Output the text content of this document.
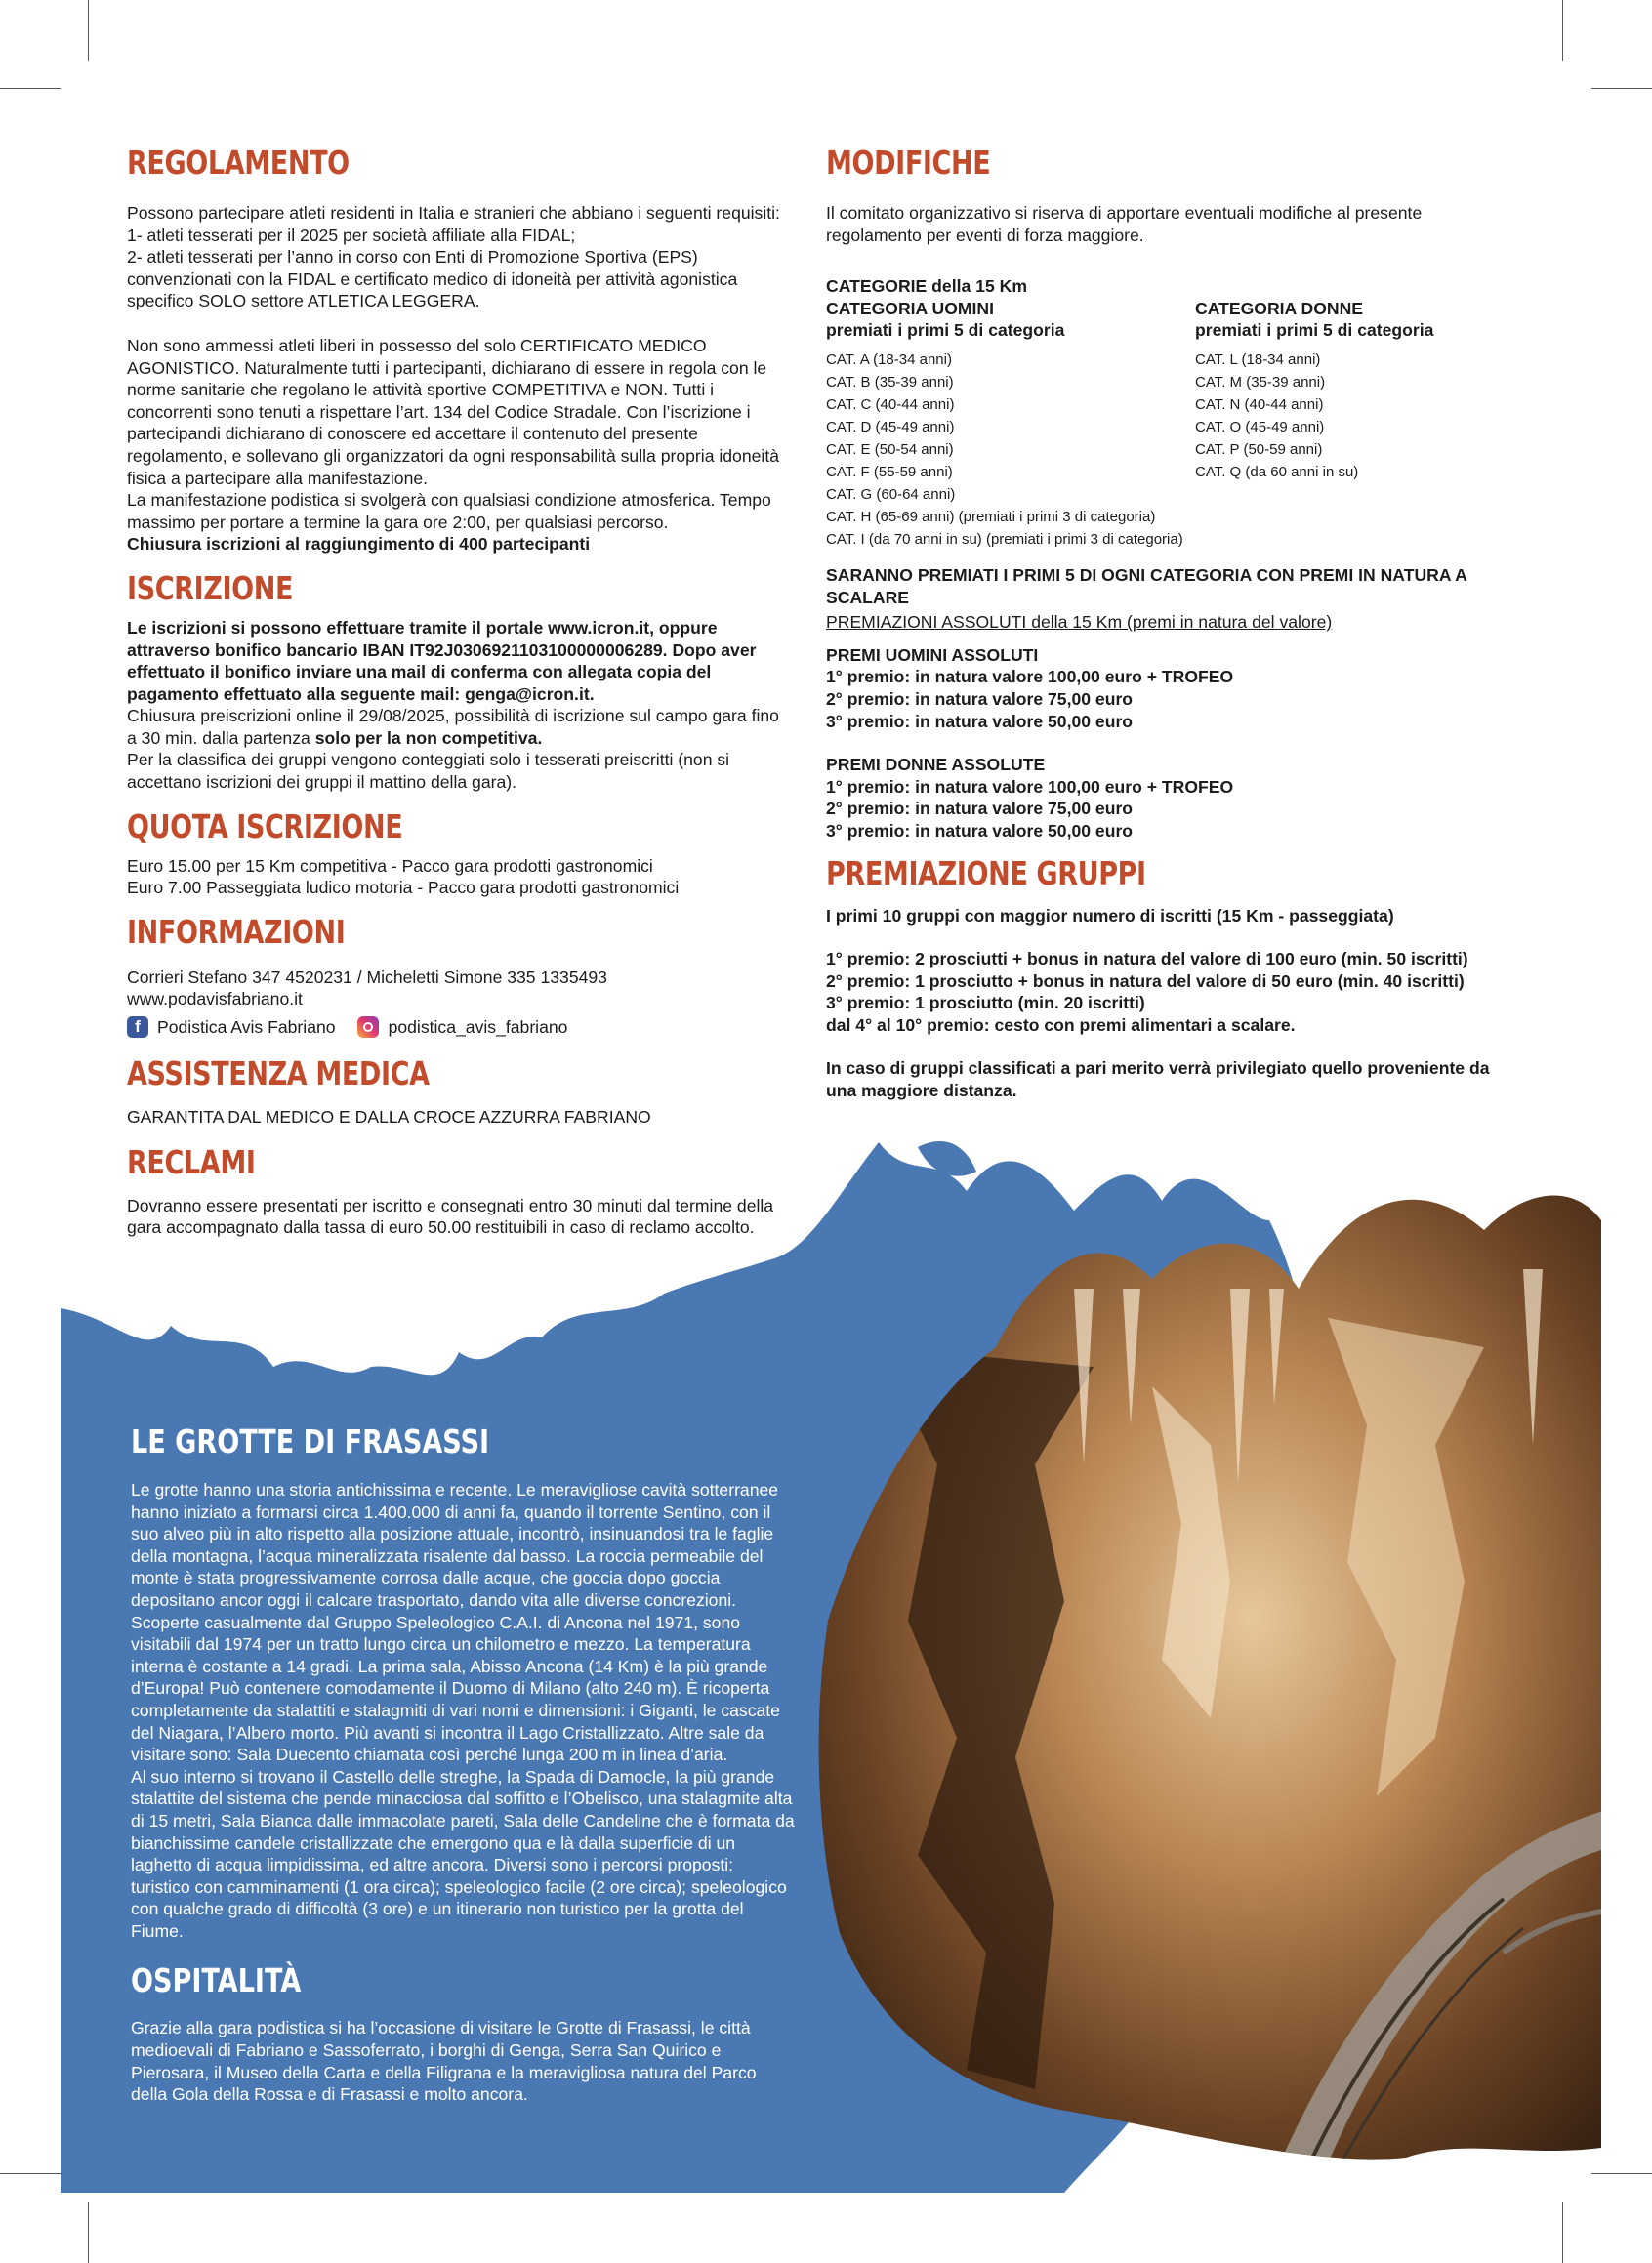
REGOLAMENTO

Possono partecipare atleti residenti in Italia e stranieri che abbiano i seguenti requisiti:

1- atleti tesserati per il 2025 per società affiliate alla FIDAL;

2- atleti tesserati per l’anno in corso con Enti di Promozione Sportiva (EPS)

convenzionati con la FIDAL e certificato medico di idoneità per attività agonistica

specifico SOLO settore ATLETICA LEGGERA.

Non sono ammessi atleti liberi in possesso del solo CERTIFICATO MEDICO

AGONISTICO. Naturalmente tutti i partecipanti, dichiarano di essere in regola con le

norme sanitarie che regolano le attività sportive COMPETITIVA e NON. Tutti i

concorrenti sono tenuti a rispettare l’art. 134 del Codice Stradale. Con l’iscrizione i

partecipandi dichiarano di conoscere ed accettare il contenuto del presente

regolamento, e sollevano gli organizzatori da ogni responsabilità sulla propria idoneità

fisica a partecipare alla manifestazione.

La manifestazione podistica si svolgerà con qualsiasi condizione atmosferica. Tempo

massimo per portare a termine la gara ore 2:00, per qualsiasi percorso.

Chiusura iscrizioni al raggiungimento di 400 partecipanti

ISCRIZIONE

Le iscrizioni si possono effettuare tramite il portale www.icron.it, oppure

attraverso bonifico bancario IBAN IT92J0306921103100000006289. Dopo aver

effettuato il bonifico inviare una mail di conferma con allegata copia del

pagamento effettuato alla seguente mail: genga@icron.it.

Chiusura preiscrizioni online il 29/08/2025, possibilità di iscrizione sul campo gara fino

a 30 min. dalla partenza solo per la non competitiva.

Per la classifica dei gruppi vengono conteggiati solo i tesserati preiscritti (non si

accettano iscrizioni dei gruppi il mattino della gara).

QUOTA ISCRIZIONE

Euro 15.00 per 15 Km competitiva - Pacco gara prodotti gastronomici

Euro 7.00 Passeggiata ludico motoria - Pacco gara prodotti gastronomici

INFORMAZIONI

Corrieri Stefano 347 4520231 / Micheletti Simone 335 1335493

www.podavisfabriano.it

f Podistica Avis Fabriano	podistica_avis_fabriano
ASSISTENZA MEDICA

GARANTITA DAL MEDICO E DALLA CROCE AZZURRA FABRIANO

RECLAMI

Dovranno essere presentati per iscritto e consegnati entro 30 minuti dal termine della

gara accompagnato dalla tassa di euro 50.00 restituibili in caso di reclamo accolto.

MODIFICHE

Il comitato organizzativo si riserva di apportare eventuali modifiche al presente

regolamento per eventi di forza maggiore.

CATEGORIE della 15 Km

CATEGORIA UOMINI	CATEGORIA DONNE

premiati i primi 5 di categoria	premiati i primi 5 di categoria

CAT. A (18-34 anni)	CAT. L (18-34 anni)

CAT. B (35-39 anni)	CAT. M (35-39 anni)

CAT. C (40-44 anni)	CAT. N (40-44 anni)

CAT. D (45-49 anni)	CAT. O (45-49 anni)

CAT. E (50-54 anni)	CAT. P (50-59 anni)

CAT. F (55-59 anni)	CAT. Q (da 60 anni in su)

CAT. G (60-64 anni)

CAT. H (65-69 anni) (premiati i primi 3 di categoria)

CAT. I (da 70 anni in su) (premiati i primi 3 di categoria)

SARANNO PREMIATI I PRIMI 5 DI OGNI CATEGORIA CON PREMI IN NATURA A

SCALARE

PREMIAZIONI ASSOLUTI della 15 Km (premi in natura del valore)

PREMI UOMINI ASSOLUTI

1° premio: in natura valore 100,00 euro + TROFEO

2° premio: in natura valore 75,00 euro

3° premio: in natura valore 50,00 euro

PREMI DONNE ASSOLUTE

1° premio: in natura valore 100,00 euro + TROFEO

2° premio: in natura valore 75,00 euro

3° premio: in natura valore 50,00 euro

PREMIAZIONE GRUPPI

I primi 10 gruppi con maggior numero di iscritti (15 Km - passeggiata)

1° premio: 2 prosciutti + bonus in natura del valore di 100 euro (min. 50 iscritti)

2° premio: 1 prosciutto + bonus in natura del valore di 50 euro (min. 40 iscritti)

3° premio: 1 prosciutto (min. 20 iscritti)

dal 4° al 10° premio: cesto con premi alimentari a scalare.

In caso di gruppi classificati a pari merito verrà privilegiato quello proveniente da

una maggiore distanza.

LE GROTTE DI FRASASSI

Le grotte hanno una storia antichissima e recente. Le meravigliose cavità sotterranee

hanno iniziato a formarsi circa 1.400.000 di anni fa, quando il torrente Sentino, con il

suo alveo più in alto rispetto alla posizione attuale, incontrò, insinuandosi tra le faglie

della montagna, l’acqua mineralizzata risalente dal basso. La roccia permeabile del

monte è stata progressivamente corrosa dalle acque, che goccia dopo goccia

depositano ancor oggi il calcare trasportato, dando vita alle diverse concrezioni.

Scoperte casualmente dal Gruppo Speleologico C.A.I. di Ancona nel 1971, sono

visitabili dal 1974 per un tratto lungo circa un chilometro e mezzo. La temperatura

interna è costante a 14 gradi. La prima sala, Abisso Ancona (14 Km) è la più grande

d’Europa! Può contenere comodamente il Duomo di Milano (alto 240 m). È ricoperta

completamente da stalattiti e stalagmiti di vari nomi e dimensioni: i Giganti, le cascate

del Niagara, l’Albero morto. Più avanti si incontra il Lago Cristallizzato. Altre sale da

visitare sono: Sala Duecento chiamata così perché lunga 200 m in linea d’aria.

Al suo interno si trovano il Castello delle streghe, la Spada di Damocle, la più grande

stalattite del sistema che pende minacciosa dal soffitto e l’Obelisco, una stalagmite alta

di 15 metri, Sala Bianca dalle immacolate pareti, Sala delle Candeline che è formata da

bianchissime candele cristallizzate che emergono qua e là dalla superficie di un

laghetto di acqua limpidissima, ed altre ancora. Diversi sono i percorsi proposti:

turistico con camminamenti (1 ora circa); speleologico facile (2 ore circa); speleologico

con qualche grado di difficoltà (3 ore) e un itinerario non turistico per la grotta del

Fiume.

OSPITALITÀ

Grazie alla gara podistica si ha l’occasione di visitare le Grotte di Frasassi, le città

medioevali di Fabriano e Sassoferrato, i borghi di Genga, Serra San Quirico e

Pierosara, il Museo della Carta e della Filigrana e la meravigliosa natura del Parco

della Gola della Rossa e di Frasassi e molto ancora.
